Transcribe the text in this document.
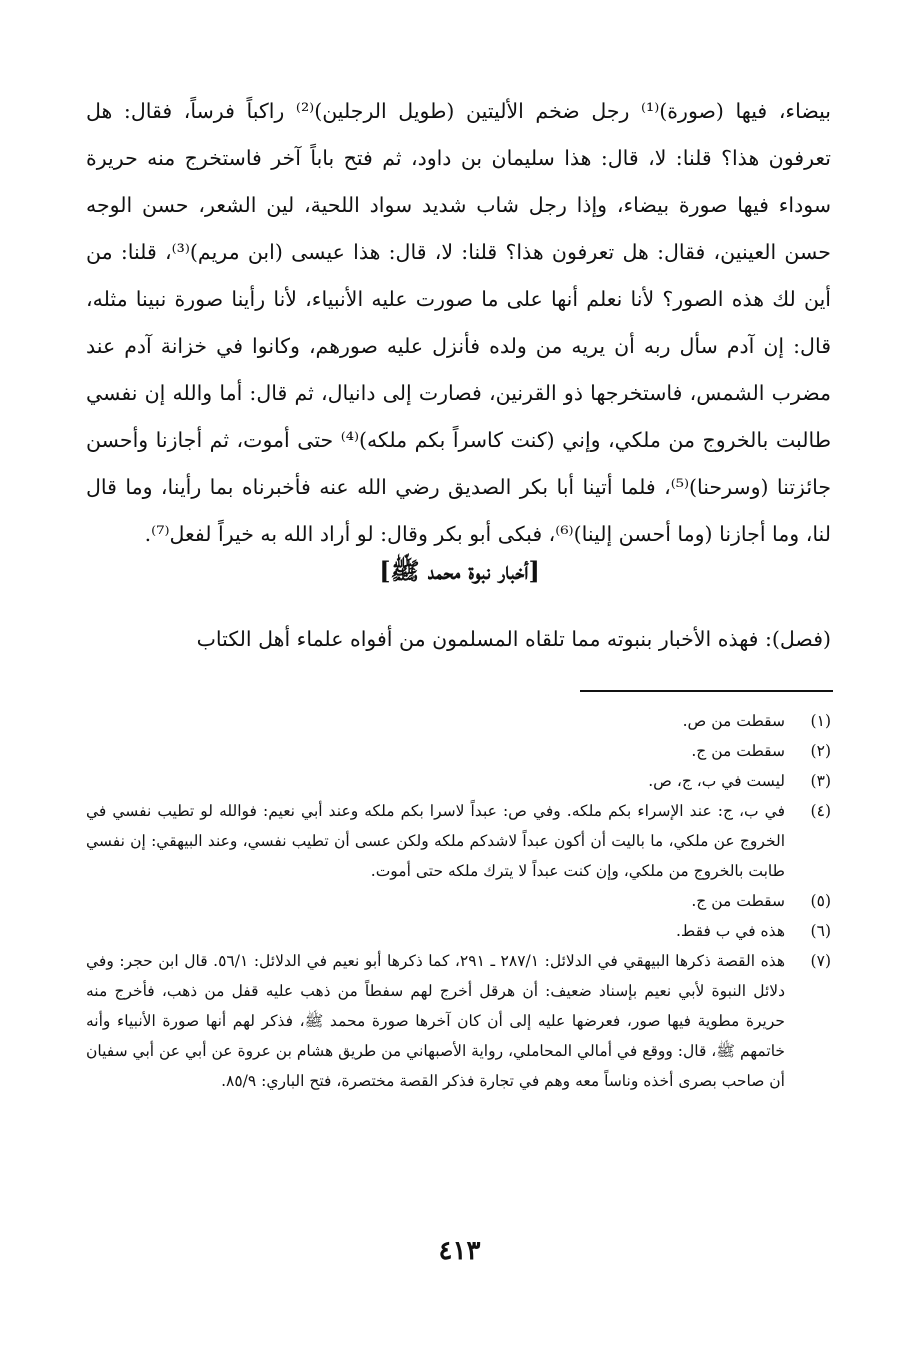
بيضاء، فيها (صورة)⁽¹⁾ رجل ضخم الأليتين (طويل الرجلين)⁽²⁾ راكباً فرساً، فقال: هل تعرفون هذا؟ قلنا: لا، قال: هذا سليمان بن داود، ثم فتح باباً آخر فاستخرج منه حريرة سوداء فيها صورة بيضاء، وإذا رجل شاب شديد سواد اللحية، لين الشعر، حسن الوجه حسن العينين، فقال: هل تعرفون هذا؟ قلنا: لا، قال: هذا عيسى (ابن مريم)⁽³⁾، قلنا: من أين لك هذه الصور؟ لأنا نعلم أنها على ما صورت عليه الأنبياء، لأنا رأينا صورة نبينا مثله، قال: إن آدم سأل ربه أن يريه من ولده فأنزل عليه صورهم، وكانوا في خزانة آدم عند مضرب الشمس، فاستخرجها ذو القرنين، فصارت إلى دانيال، ثم قال: أما والله إن نفسي طالبت بالخروج من ملكي، وإني (كنت كاسراً بكم ملكه)⁽⁴⁾ حتى أموت، ثم أجازنا وأحسن جائزتنا (وسرحنا)⁽⁵⁾، فلما أتينا أبا بكر الصديق رضي الله عنه فأخبرناه بما رأينا، وما قال لنا، وما أجازنا (وما أحسن إلينا)⁽⁶⁾، فبكى أبو بكر وقال: لو أراد الله به خيراً لفعل⁽⁷⁾.

[أخبار نبوة محمد ﷺ]

(فصل): فهذه الأخبار بنبوته مما تلقاه المسلمون من أفواه علماء أهل الكتاب

(١)
سقطت من ص.
(٢)
سقطت من ج.
(٣)
ليست في ب، ج، ص.
(٤)
في ب، ج: عند الإسراء بكم ملكه. وفي ص: عبداً لاسرا بكم ملكه وعند أبي نعيم: فوالله لو تطيب نفسي في الخروج عن ملكي، ما باليت أن أكون عبداً لاشدكم ملكه ولكن عسى أن تطيب نفسي، وعند البيهقي: إن نفسي طابت بالخروج من ملكي، وإن كنت عبداً لا يترك ملكه حتى أموت.
(٥)
سقطت من ج.
(٦)
هذه في ب فقط.
(٧)
هذه القصة ذكرها البيهقي في الدلائل: ٢٨٧/١ ـ ٢٩١، كما ذكرها أبو نعيم في الدلائل: ٥٦/١. قال ابن حجر: وفي دلائل النبوة لأبي نعيم بإسناد ضعيف: أن هرقل أخرج لهم سفطاً من ذهب عليه قفل من ذهب، فأخرج منه حريرة مطوية فيها صور، فعرضها عليه إلى أن كان آخرها صورة محمد ﷺ، فذكر لهم أنها صورة الأنبياء وأنه خاتمهم ﷺ، قال: ووقع في أمالي المحاملي، رواية الأصبهاني من طريق هشام بن عروة عن أبي عن أبي سفيان أن صاحب بصرى أخذه وناساً معه وهم في تجارة فذكر القصة مختصرة، فتح الباري: ٨٥/٩.
٤١٣
